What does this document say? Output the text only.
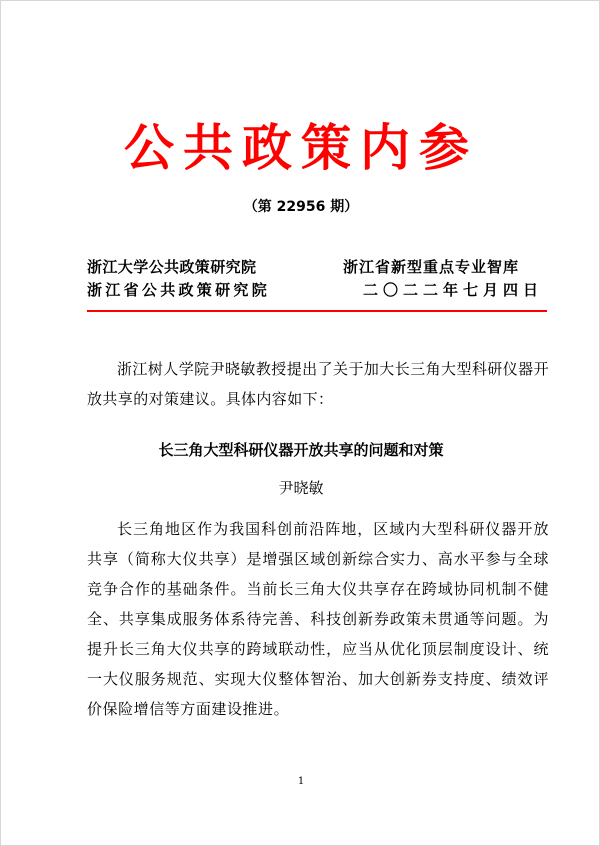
公共政策内参
（第 22956 期）
浙江大学公共政策研究院
浙江省公共政策研究院
浙江省新型重点专业智库
二〇二二年七月四日

浙江树人学院尹晓敏教授提出了关于加大长三角大型科研仪器开放共享的对策建议。具体内容如下：

长三角大型科研仪器开放共享的问题和对策
尹晓敏

长三角地区作为我国科创前沿阵地，区域内大型科研仪器开放共享（简称大仪共享）是增强区域创新综合实力、高水平参与全球竞争合作的基础条件。当前长三角大仪共享存在跨域协同机制不健全、共享集成服务体系待完善、科技创新券政策未贯通等问题。为提升长三角大仪共享的跨域联动性，应当从优化顶层制度设计、统一大仪服务规范、实现大仪整体智治、加大创新券支持度、绩效评价保险增信等方面建设推进。

1
